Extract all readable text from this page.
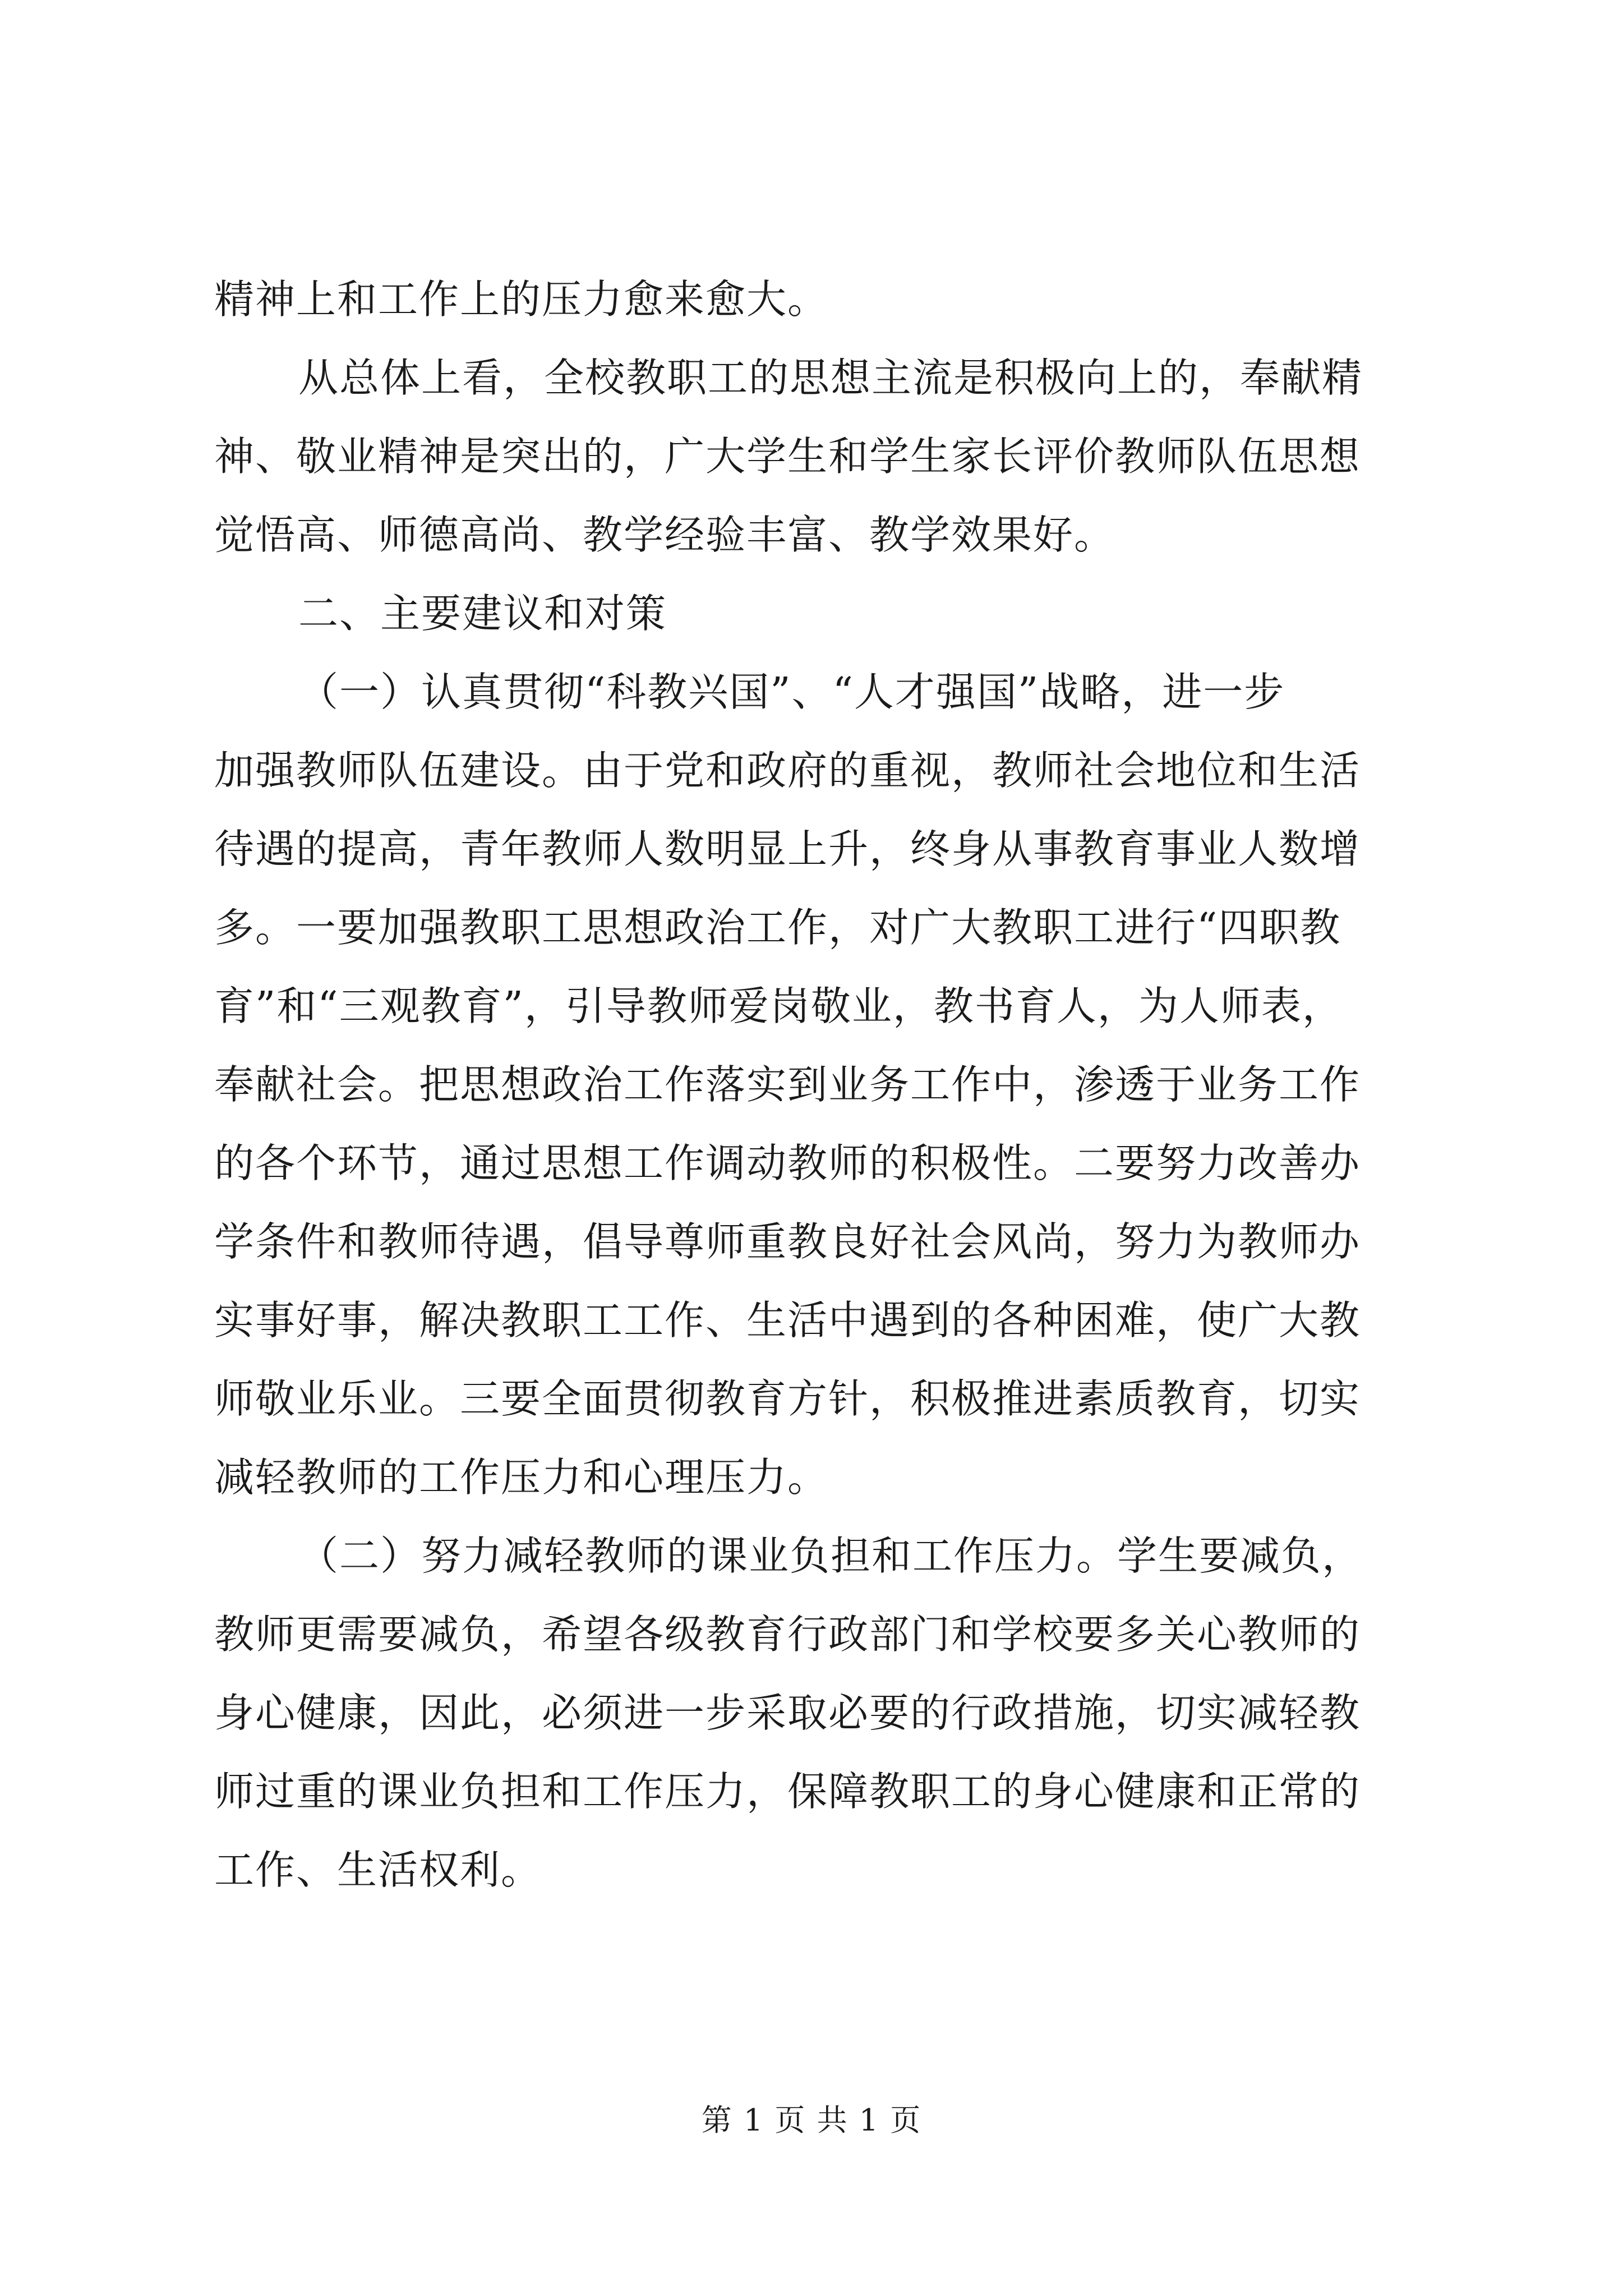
精神上和工作上的压力愈来愈大。
从总体上看，全校教职工的思想主流是积极向上的，奉献精
神、敬业精神是突出的，广大学生和学生家长评价教师队伍思想
觉悟高、师德高尚、教学经验丰富、教学效果好。
二、主要建议和对策
（一）认真贯彻“科教兴国”、“人才强国”战略，进一步
加强教师队伍建设。由于党和政府的重视，教师社会地位和生活
待遇的提高，青年教师人数明显上升，终身从事教育事业人数增
多。一要加强教职工思想政治工作，对广大教职工进行“四职教
育”和“三观教育”，引导教师爱岗敬业，教书育人，为人师表，
奉献社会。把思想政治工作落实到业务工作中，渗透于业务工作
的各个环节，通过思想工作调动教师的积极性。二要努力改善办
学条件和教师待遇，倡导尊师重教良好社会风尚，努力为教师办
实事好事，解决教职工工作、生活中遇到的各种困难，使广大教
师敬业乐业。三要全面贯彻教育方针，积极推进素质教育，切实
减轻教师的工作压力和心理压力。
（二）努力减轻教师的课业负担和工作压力。学生要减负，
教师更需要减负，希望各级教育行政部门和学校要多关心教师的
身心健康，因此，必须进一步采取必要的行政措施，切实减轻教
师过重的课业负担和工作压力，保障教职工的身心健康和正常的
工作、生活权利。
第 1 页 共 1 页
